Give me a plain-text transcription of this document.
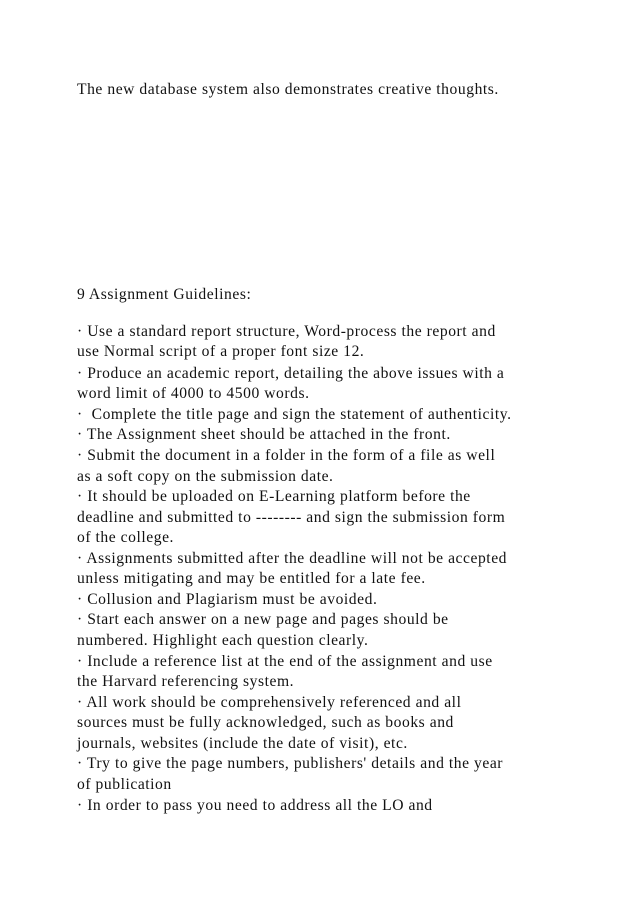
The new database system also demonstrates creative thoughts.

9 Assignment Guidelines:

· Use a standard report structure, Word-process the report and

use Normal script of a proper font size 12.

· Produce an academic report, detailing the above issues with a

word limit of 4000 to 4500 words.

·  Complete the title page and sign the statement of authenticity.

· The Assignment sheet should be attached in the front.

· Submit the document in a folder in the form of a file as well

as a soft copy on the submission date.

· It should be uploaded on E-Learning platform before the

deadline and submitted to -------- and sign the submission form

of the college.

· Assignments submitted after the deadline will not be accepted

unless mitigating and may be entitled for a late fee.

· Collusion and Plagiarism must be avoided.

· Start each answer on a new page and pages should be

numbered. Highlight each question clearly.

· Include a reference list at the end of the assignment and use

the Harvard referencing system.

· All work should be comprehensively referenced and all

sources must be fully acknowledged, such as books and

journals, websites (include the date of visit), etc.

· Try to give the page numbers, publishers' details and the year

of publication

· In order to pass you need to address all the LO and
